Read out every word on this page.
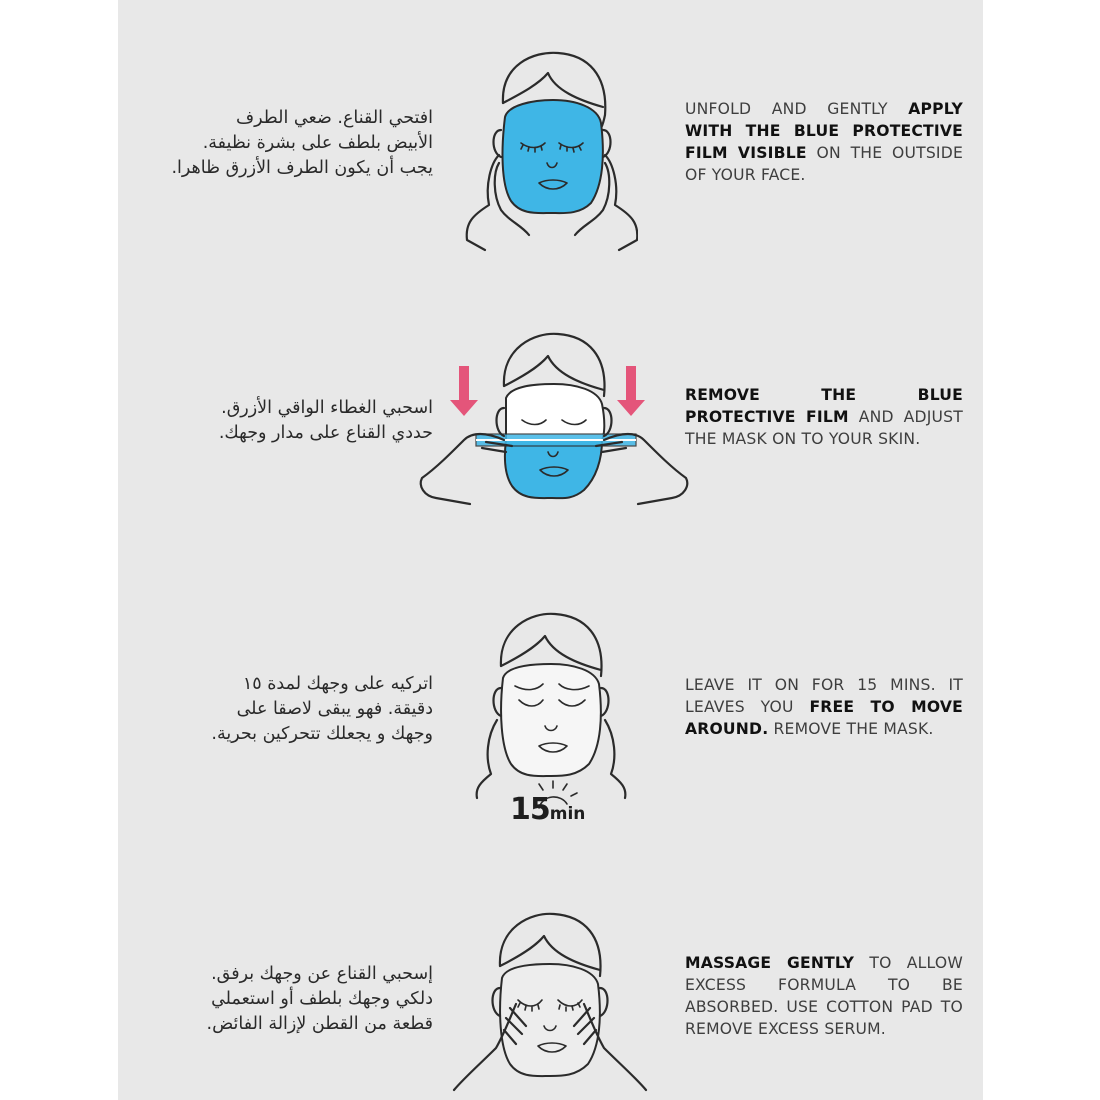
افتحي القناع. ضعي الطرف
الأبيض بلطف على بشرة نظيفة.
يجب أن يكون الطرف الأزرق ظاهرا.
UNFOLD AND GENTLY APPLY WITH THE BLUE PROTECTIVE FILM VISIBLE ON THE OUTSIDE OF YOUR FACE.
اسحبي الغطاء الواقي الأزرق.
حددي القناع على مدار وجهك.
REMOVE THE BLUE PROTECTIVE FILM AND ADJUST THE MASK ON TO YOUR SKIN.
اتركيه على وجهك لمدة ١٥
دقيقة. فهو يبقى لاصقا على
وجهك و يجعلك تتحركين بحرية.
15min
LEAVE IT ON FOR 15 MINS. IT LEAVES YOU FREE TO MOVE AROUND. REMOVE THE MASK.
إسحبي القناع عن وجهك برفق.
دلكي وجهك بلطف أو استعملي
قطعة من القطن لإزالة الفائض.
MASSAGE GENTLY TO ALLOW EXCESS FORMULA TO BE ABSORBED. USE COTTON PAD TO REMOVE EXCESS SERUM.
